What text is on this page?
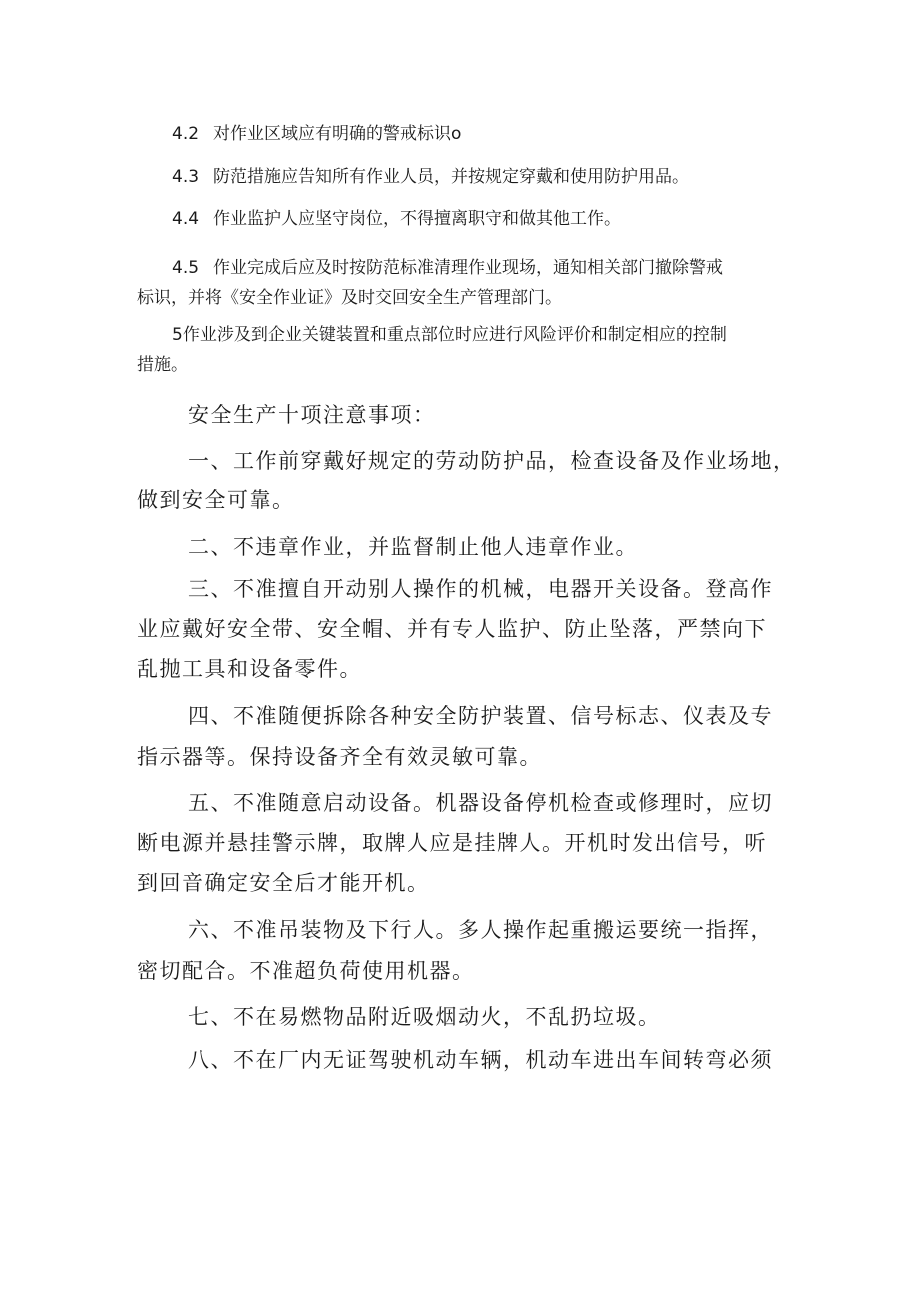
4.2 对作业区域应有明确的警戒标识o
4.3 防范措施应告知所有作业人员，并按规定穿戴和使用防护用品。
4.4 作业监护人应坚守岗位，不得擅离职守和做其他工作。
4.5 作业完成后应及时按防范标准清理作业现场，通知相关部门撤除警戒
标识，并将《安全作业证》及时交回安全生产管理部门。
5作业涉及到企业关键装置和重点部位时应进行风险评价和制定相应的控制
措施。
安全生产十项注意事项：
一、工作前穿戴好规定的劳动防护品，检查设备及作业场地，
做到安全可靠。
二、不违章作业，并监督制止他人违章作业。
三、不准擅自开动别人操作的机械，电器开关设备。登高作
业应戴好安全带、安全帽、并有专人监护、防止坠落，严禁向下
乱抛工具和设备零件。
四、不准随便拆除各种安全防护装置、信号标志、仪表及专
指示器等。保持设备齐全有效灵敏可靠。
五、不准随意启动设备。机器设备停机检查或修理时，应切
断电源并悬挂警示牌，取牌人应是挂牌人。开机时发出信号，听
到回音确定安全后才能开机。
六、不准吊装物及下行人。多人操作起重搬运要统一指挥，
密切配合。不准超负荷使用机器。
七、不在易燃物品附近吸烟动火，不乱扔垃圾。
八、不在厂内无证驾驶机动车辆，机动车进出车间转弯必须
